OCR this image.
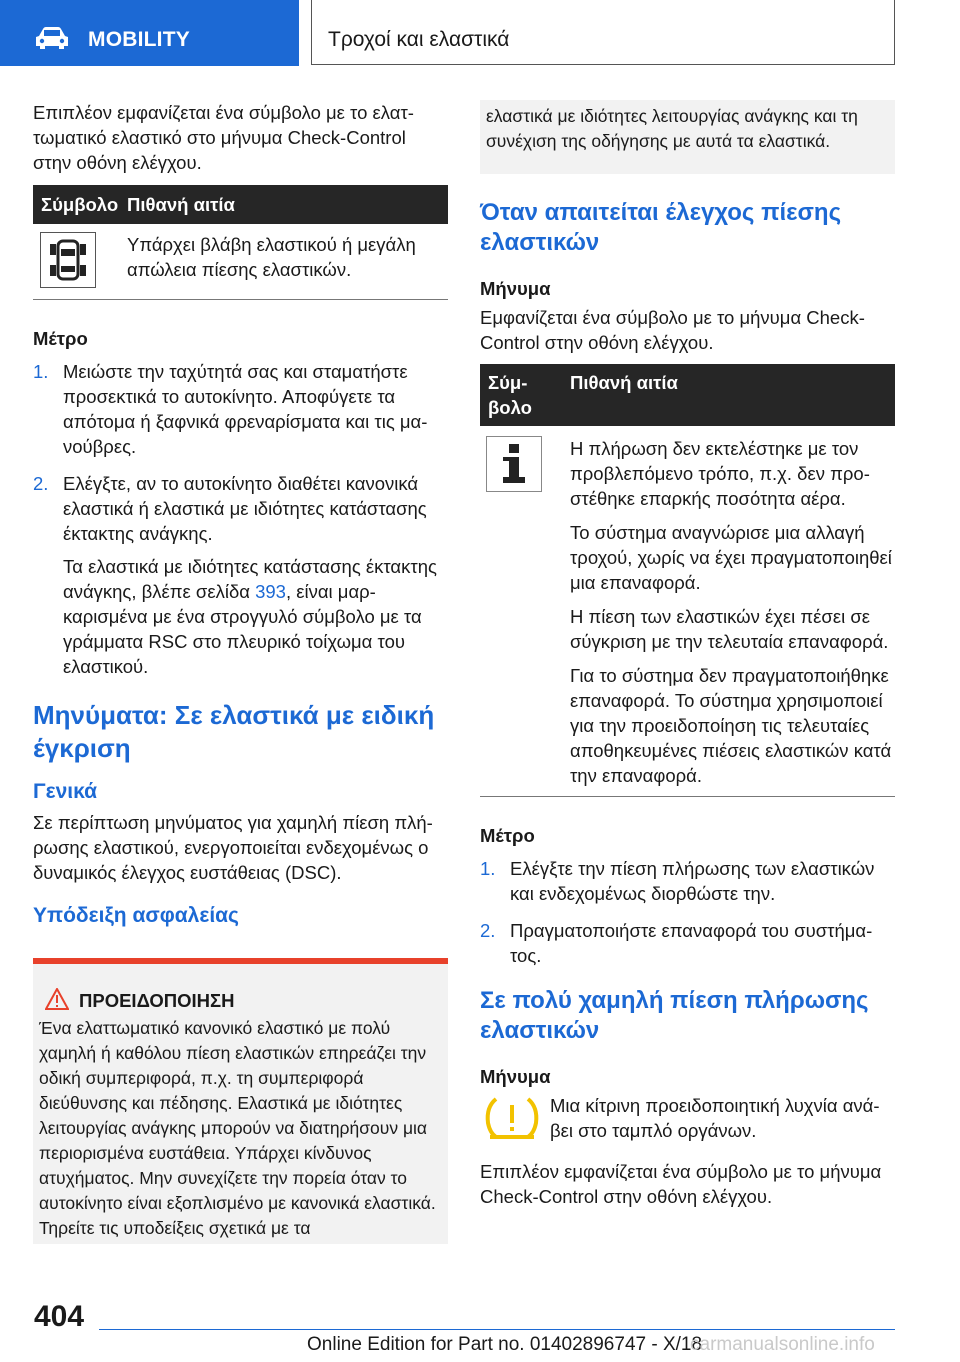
MOBILITY	Τροχοί και ελαστικά

Επιπλέον εμφανίζεται ένα σύμβολο με το ελαττωματικό ελαστικό στο μήνυμα Check-Control στην οθόνη ελέγχου.

Σύμβολο Πιθανή αιτία
Υπάρχει βλάβη ελαστικού ή μεγάλη απώλεια πίεσης ελαστικών.
Μέτρο
1. Μειώστε την ταχύτητά σας και σταματήστε προσεκτικά το αυτοκίνητο. Αποφύγετε τα απότομα ή ξαφνικά φρεναρίσματα και τις μανούβρες.
2. Ελέγξτε, αν το αυτοκίνητο διαθέτει κανονικά ελαστικά ή ελαστικά με ιδιότητες κατάστασης έκτακτης ανάγκης.

Τα ελαστικά με ιδιότητες κατάστασης έκτακτης ανάγκης, βλέπε σελίδα 393, είναι μαρκαρισμένα με ένα στρογγυλό σύμβολο με τα γράμματα RSC στο πλευρικό τοίχωμα του ελαστικού.

Μηνύματα: Σε ελαστικά με ειδική έγκριση
Γενικά

Σε περίπτωση μηνύματος για χαμηλή πίεση πλήρωσης ελαστικού, ενεργοποιείται ενδεχομένως ο δυναμικός έλεγχος ευστάθειας (DSC).

Υπόδειξη ασφαλείας
ΠΡΟΕΙΔΟΠΟΙΗΣΗ

Ένα ελαττωματικό κανονικό ελαστικό με πολύ χαμηλή ή καθόλου πίεση ελαστικών επηρεάζει την οδική συμπεριφορά, π.χ. τη συμπεριφορά διεύθυνσης και πέδησης. Ελαστικά με ιδιότητες λειτουργίας ανάγκης μπορούν να διατηρήσουν μια περιορισμένα ευστάθεια. Υπάρχει κίνδυνος ατυχήματος. Μην συνεχίζετε την πορεία όταν το αυτοκίνητο είναι εξοπλισμένο με κανονικά ελαστικά. Τηρείτε τις υποδείξεις σχετικά με τα

ελαστικά με ιδιότητες λειτουργίας ανάγκης και τη συνέχιση της οδήγησης με αυτά τα ελαστικά.
Όταν απαιτείται έλεγχος πίεσης ελαστικών
Μήνυμα

Εμφανίζεται ένα σύμβολο με το μήνυμα Check-Control στην οθόνη ελέγχου.

Σύμβολο
Πιθανή αιτία

Η πλήρωση δεν εκτελέστηκε με τον προβλεπόμενο τρόπο, π.χ. δεν προστέθηκε επαρκής ποσότητα αέρα.

Το σύστημα αναγνώρισε μια αλλαγή τροχού, χωρίς να έχει πραγματοποιηθεί μια επαναφορά.

Η πίεση των ελαστικών έχει πέσει σε σύγκριση με την τελευταία επαναφορά.

Για το σύστημα δεν πραγματοποιήθηκε επαναφορά. Το σύστημα χρησιμοποιεί για την προειδοποίηση τις τελευταίες αποθηκευμένες πιέσεις ελαστικών κατά την επαναφορά.

Μέτρο
1. Ελέγξτε την πίεση πλήρωσης των ελαστικών και ενδεχομένως διορθώστε την.
2. Πραγματοποιήστε επαναφορά του συστήματος.
Σε πολύ χαμηλή πίεση πλήρωσης ελαστικών
Μήνυμα

Μια κίτρινη προειδοποιητική λυχνία ανάβει στο ταμπλό οργάνων.

Επιπλέον εμφανίζεται ένα σύμβολο με το μήνυμα Check-Control στην οθόνη ελέγχου.

404
Online Edition for Part no. 01402896747 - X/18
carmanualsonline.info
